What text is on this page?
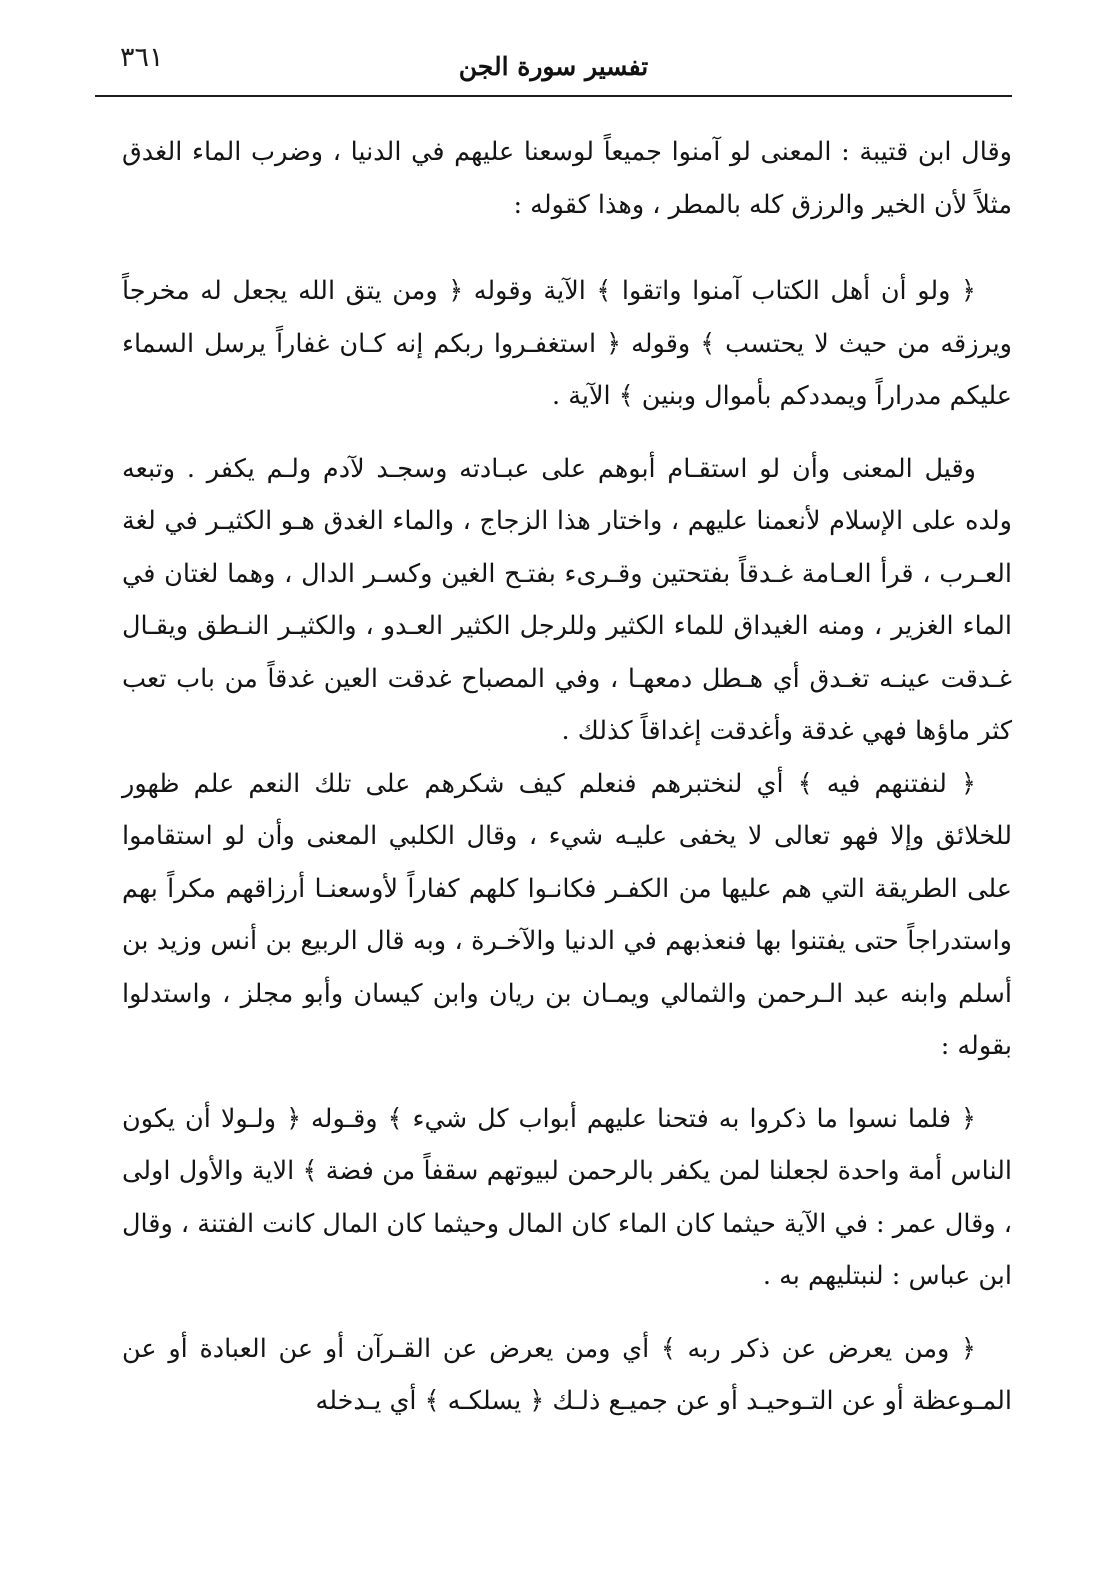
٣٦١	تفسير سورة الجن

وقال ابن قتيبة : المعنى لو آمنوا جميعاً لوسعنا عليهم في الدنيا ، وضرب الماء الغدق مثلاً لأن الخير والرزق كله بالمطر ، وهذا كقوله :

﴿ ولو أن أهل الكتاب آمنوا واتقوا ﴾ الآية وقوله ﴿ ومن يتق الله يجعل له مخرجاً ويرزقه من حيث لا يحتسب ﴾ وقوله ﴿ استغفـروا ربكم إنه كـان غفاراً يرسل السماء عليكم مدراراً ويمددكم بأموال وبنين ﴾ الآية .

وقيل المعنى وأن لو استقـام أبوهم على عبـادته وسجـد لآدم ولـم يكفر . وتبعه ولده على الإسلام لأنعمنا عليهم ، واختار هذا الزجاج ، والماء الغدق هـو الكثيـر في لغة العـرب ، قرأ العـامة غـدقاً بفتحتين وقـرىء بفتـح الغين وكسـر الدال ، وهما لغتان في الماء الغزير ، ومنه الغيداق للماء الكثير وللرجل الكثير العـدو ، والكثيـر النـطق ويقـال غـدقت عينـه تغـدق أي هـطل دمعهـا ، وفي المصباح غدقت العين غدقاً من باب تعب كثر ماؤها فهي غدقة وأغدقت إغداقاً كذلك .

﴿ لنفتنهم فيه ﴾ أي لنختبرهم فنعلم كيف شكرهم على تلك النعم علم ظهور للخلائق وإلا فهو تعالى لا يخفى عليـه شيء ، وقال الكلبي المعنى وأن لو استقاموا على الطريقة التي هم عليها من الكفـر فكانـوا كلهم كفاراً لأوسعنـا أرزاقهم مكراً بهم واستدراجاً حتى يفتنوا بها فنعذبهم في الدنيا والآخـرة ، وبه قال الربيع بن أنس وزيد بن أسلم وابنه عبد الـرحمن والثمالي ويمـان بن ريان وابن كيسان وأبو مجلز ، واستدلوا بقوله :

﴿ فلما نسوا ما ذكروا به فتحنا عليهم أبواب كل شيء ﴾ وقـوله ﴿ ولـولا أن يكون الناس أمة واحدة لجعلنا لمن يكفر بالرحمن لبيوتهم سقفاً من فضة ﴾ الاية والأول اولى ، وقال عمر : في الآية حيثما كان الماء كان المال وحيثما كان المال كانت الفتنة ، وقال ابن عباس : لنبتليهم به .

﴿ ومن يعرض عن ذكر ربه ﴾ أي ومن يعرض عن القـرآن أو عن العبادة أو عن المـوعظة أو عن التـوحيـد أو عن جميـع ذلـك ﴿ يسلكـه ﴾ أي يـدخله
